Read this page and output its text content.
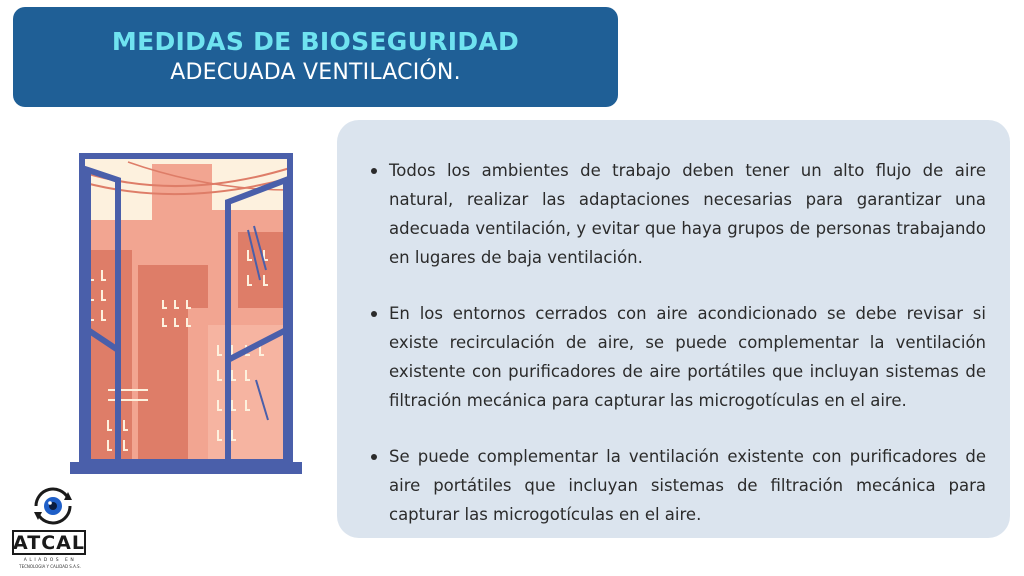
MEDIDAS DE BIOSEGURIDAD
ADECUADA VENTILACIÓN.
Todos los ambientes de trabajo deben tener un alto flujo de aire natural, realizar las adaptaciones necesarias para garantizar una adecuada ventilación, y evitar que haya grupos de personas trabajando en lugares de baja ventilación.
En los entornos cerrados con aire acondicionado se debe revisar si existe recirculación de aire, se puede complementar la ventilación existente con purificadores de aire portátiles que incluyan sistemas de filtración mecánica para capturar las microgotículas en el aire.
Se puede complementar la ventilación existente con purificadores de aire portátiles que incluyan sistemas de filtración mecánica para capturar las microgotículas en el aire.
ATCAL
ALIADOS EN
TECNOLOGIA Y CALIDAD S.A.S.
